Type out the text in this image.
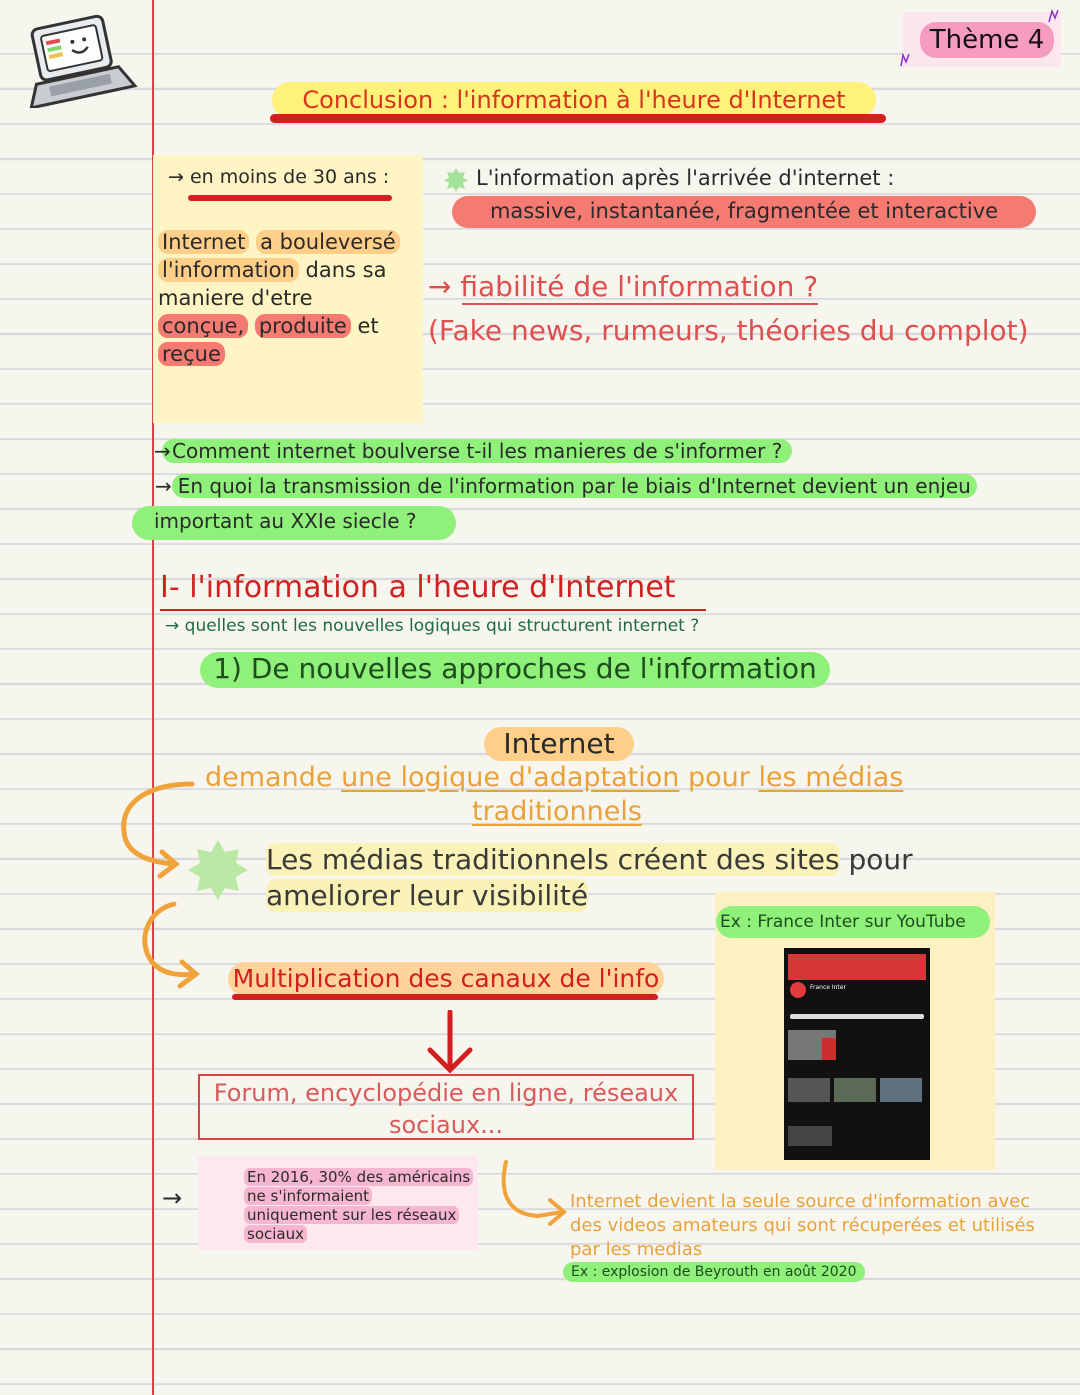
Thème 4
Conclusion : l'information à l'heure d'Internet
→ en moins de 30 ans :
Internet a bouleversé
l'information dans sa maniere d'etre
conçue, produite et
reçue
L'information après l'arrivée d'internet :
massive, instantanée, fragmentée et interactive
→ fiabilité de l'information ?
(Fake news, rumeurs, théories du complot)
→ Comment internet boulverse t-il les manieres de s'informer ?
→ En quoi la transmission de l'information par le biais d'Internet devient un enjeu
important au XXIe siecle ?
I- l'information a l'heure d'Internet
→ quelles sont les nouvelles logiques qui structurent internet ?
1) De nouvelles approches de l'information
Internet
demande une logique d'adaptation pour les médias
traditionnels
Les médias traditionnels créent des sites pour
ameliorer leur visibilité
Multiplication des canaux de l'info
Forum, encyclopédie en ligne, réseaux sociaux...
Ex : France Inter sur YouTube
France Inter
→
En 2016, 30% des américains
ne s'informaient
uniquement sur les réseaux
sociaux
Internet devient la seule source d'information avec des videos amateurs qui sont récuperées et utilisés par les medias
Ex : explosion de Beyrouth en août 2020
